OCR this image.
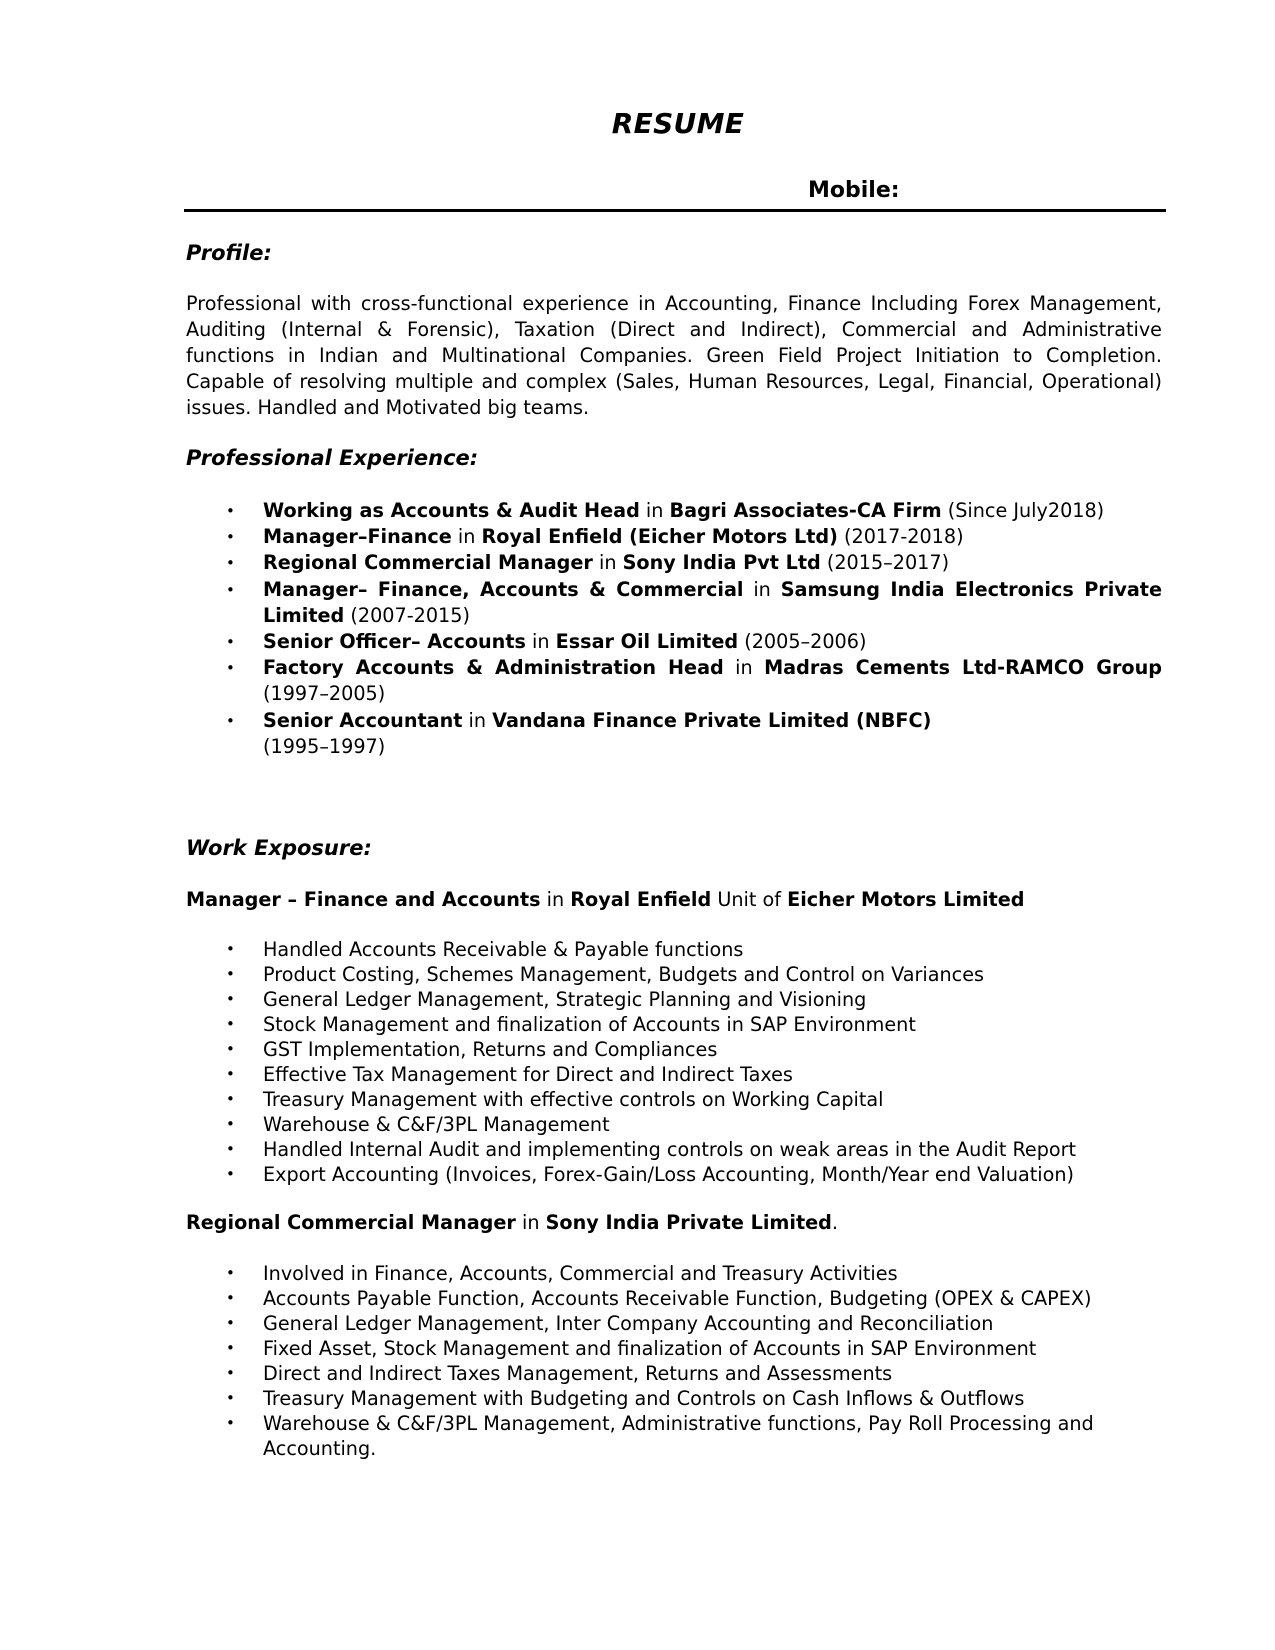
RESUME
Mobile:
Profile:
Professional with cross-functional experience in Accounting, Finance Including Forex Management, Auditing (Internal & Forensic), Taxation (Direct and Indirect), Commercial and Administrative functions in Indian and Multinational Companies. Green Field Project Initiation to Completion. Capable of resolving multiple and complex (Sales, Human Resources, Legal, Financial, Operational) issues. Handled and Motivated big teams.
Professional Experience:
• Working as Accounts & Audit Head in Bagri Associates-CA Firm (Since July2018)
• Manager–Finance in Royal Enfield (Eicher Motors Ltd) (2017-2018)
• Regional Commercial Manager in Sony India Pvt Ltd (2015–2017)
• Manager– Finance, Accounts & Commercial in Samsung India Electronics Private Limited (2007-2015)
• Senior Officer– Accounts in Essar Oil Limited (2005–2006)
• Factory Accounts & Administration Head in Madras Cements Ltd-RAMCO Group (1997–2005)
• Senior Accountant in Vandana Finance Private Limited (NBFC)
(1995–1997)
Work Exposure:
Manager – Finance and Accounts in Royal Enfield Unit of Eicher Motors Limited
• Handled Accounts Receivable & Payable functions
• Product Costing, Schemes Management, Budgets and Control on Variances
• General Ledger Management, Strategic Planning and Visioning
• Stock Management and finalization of Accounts in SAP Environment
• GST Implementation, Returns and Compliances
• Effective Tax Management for Direct and Indirect Taxes
• Treasury Management with effective controls on Working Capital
• Warehouse & C&F/3PL Management
• Handled Internal Audit and implementing controls on weak areas in the Audit Report
• Export Accounting (Invoices, Forex-Gain/Loss Accounting, Month/Year end Valuation)
Regional Commercial Manager in Sony India Private Limited.
• Involved in Finance, Accounts, Commercial and Treasury Activities
• Accounts Payable Function, Accounts Receivable Function, Budgeting (OPEX & CAPEX)
• General Ledger Management, Inter Company Accounting and Reconciliation
• Fixed Asset, Stock Management and finalization of Accounts in SAP Environment
• Direct and Indirect Taxes Management, Returns and Assessments
• Treasury Management with Budgeting and Controls on Cash Inflows & Outflows
• Warehouse & C&F/3PL Management, Administrative functions, Pay Roll Processing and Accounting.
